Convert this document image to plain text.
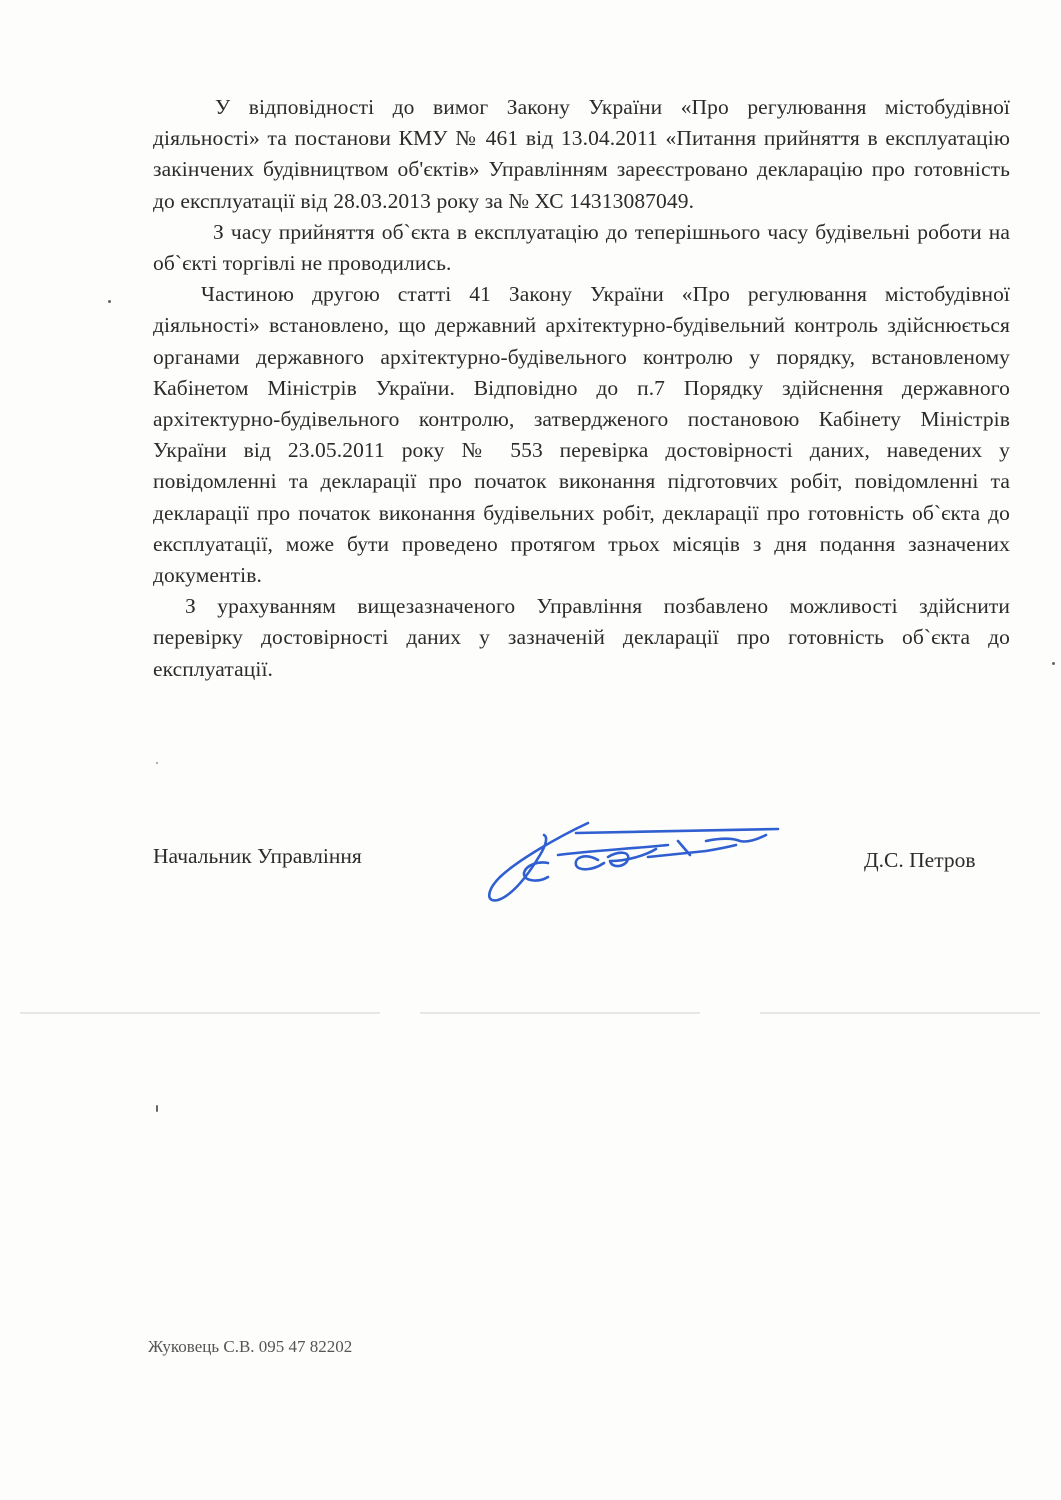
У відповідності до вимог Закону України «Про регулювання містобудівної діяльності» та постанови КМУ № 461 від 13.04.2011 «Питання прийняття в експлуатацію закінчених будівництвом об'єктів» Управлінням зареєстровано декларацію про готовність до експлуатації від 28.03.2013 року за № ХС 14313087049.

З часу прийняття об`єкта в експлуатацію до теперішнього часу будівельні роботи на об`єкті торгівлі не проводились.

Частиною другою статті 41 Закону України «Про регулювання містобудівної діяльності» встановлено, що державний архітектурно-будівельний контроль здійснюється органами державного архітектурно-будівельного контролю у порядку, встановленому Кабінетом Міністрів України. Відповідно до п.7 Порядку здійснення державного архітектурно-будівельного контролю, затвердженого постановою Кабінету Міністрів України від 23.05.2011 року № 553 перевірка достовірності даних, наведених у повідомленні та декларації про початок виконання підготовчих робіт, повідомленні та декларації про початок виконання будівельних робіт, декларації про готовність об`єкта до експлуатації, може бути проведено протягом трьох місяців з дня подання зазначених документів.

З урахуванням вищезазначеного Управління позбавлено можливості здійснити перевірку достовірності даних у зазначеній декларації про готовність об`єкта до експлуатації.

Начальник Управління	Д.С. Петров
Жуковець С.В. 095 47 82202
